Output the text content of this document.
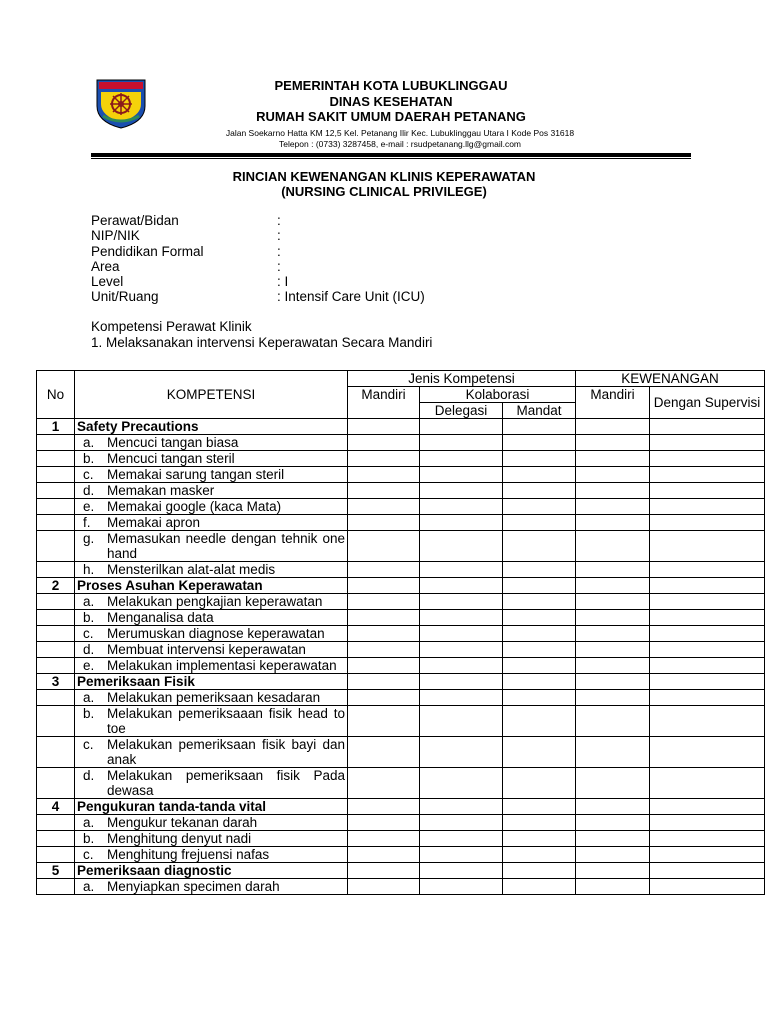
PEMERINTAH KOTA LUBUKLINGGAU
DINAS KESEHATAN
RUMAH SAKIT UMUM DAERAH PETANANG
Jalan Soekarno Hatta KM 12,5 Kel. Petanang Ilir Kec. Lubuklinggau Utara I Kode Pos 31618
Telepon : (0733) 3287458, e-mail : rsudpetanang.llg@gmail.com
RINCIAN KEWENANGAN KLINIS KEPERAWATAN
(NURSING CLINICAL PRIVILEGE)
Perawat/Bidan	:
NIP/NIK	:
Pendidikan Formal	:
Area	:
Level	: I
Unit/Ruang	: Intensif Care Unit (ICU)
Kompetensi Perawat Klinik
1. Melaksanakan intervensi Keperawatan Secara Mandiri
No	KOMPETENSI	Jenis Kompetensi			KEWENANGAN	
		Mandiri	Kolaborasi		Mandiri	Dengan Supervisi
			Delegasi	Mandat		
1	Safety Precautions					

	a. Mencuci tangan biasa					

	b. Mencuci tangan steril					

	c. Memakai sarung tangan steril					

	d. Memakan masker					

	e. Memakai google (kaca Mata)					

	f. Memakai apron					

	g. Memasukan needle dengan tehnik one hand					

	h. Mensterilkan alat-alat medis					

2	Proses Asuhan Keperawatan					

	a. Melakukan pengkajian keperawatan					

	b. Menganalisa data					

	c. Merumuskan diagnose keperawatan					

	d. Membuat intervensi keperawatan					

	e. Melakukan implementasi keperawatan					

3	Pemeriksaan Fisik					

	a. Melakukan pemeriksaan kesadaran					

	b. Melakukan pemeriksaaan fisik head to toe					

	c. Melakukan pemeriksaan fisik bayi dan anak					

	d. Melakukan pemeriksaan fisik Pada dewasa					

4	Pengukuran tanda-tanda vital					

	a. Mengukur tekanan darah					

	b. Menghitung denyut nadi					

	c. Menghitung frejuensi nafas					

5	Pemeriksaan diagnostic					

	a. Menyiapkan specimen darah					
